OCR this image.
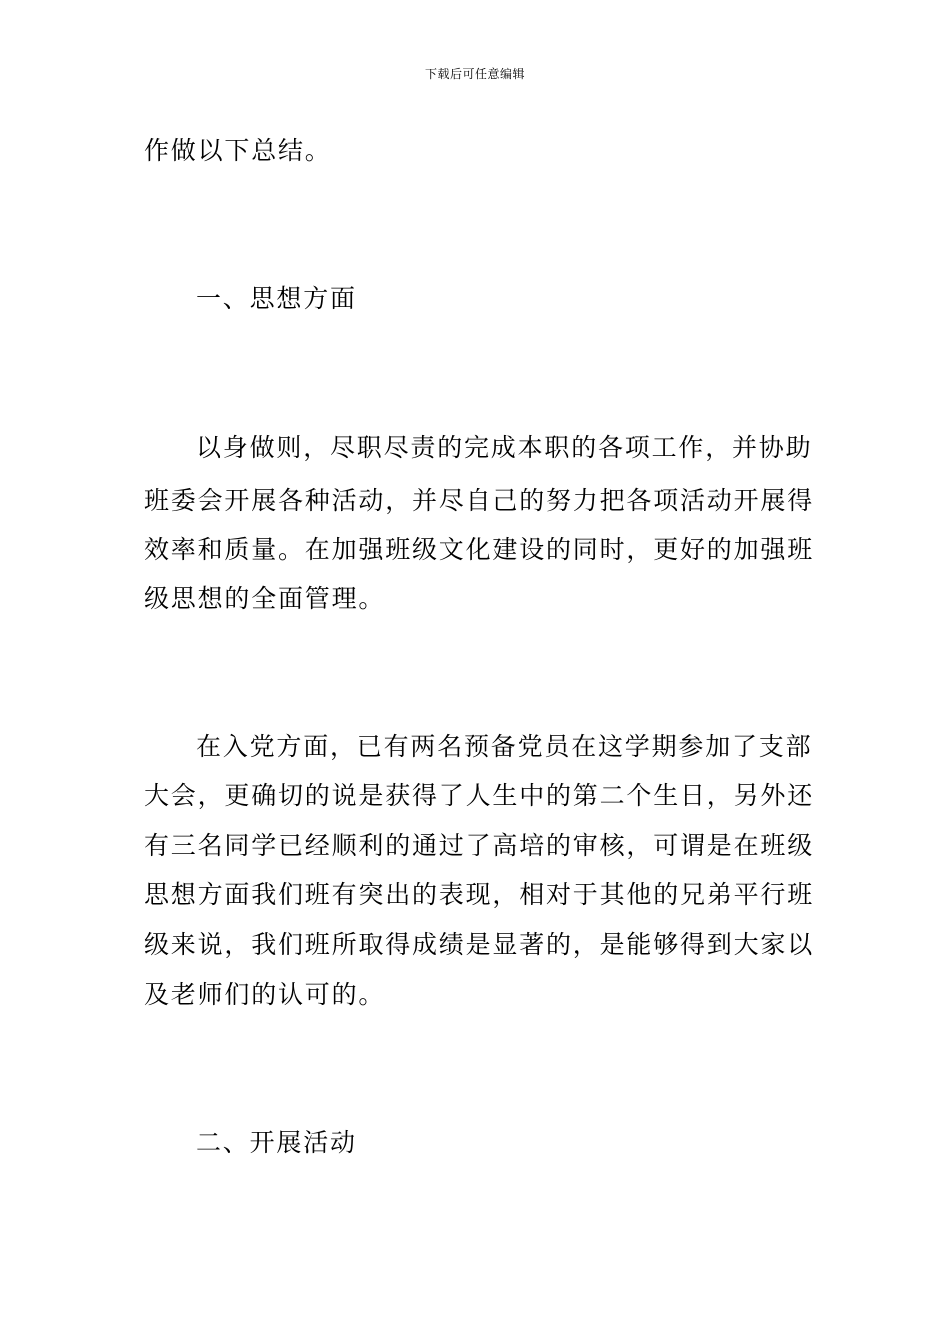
下载后可任意编辑
作做以下总结。
一、思想方面
以身做则，尽职尽责的完成本职的各项工作，并协助
班委会开展各种活动，并尽自己的努力把各项活动开展得
效率和质量。在加强班级文化建设的同时，更好的加强班
级思想的全面管理。
在入党方面，已有两名预备党员在这学期参加了支部
大会，更确切的说是获得了人生中的第二个生日，另外还
有三名同学已经顺利的通过了高培的审核，可谓是在班级
思想方面我们班有突出的表现，相对于其他的兄弟平行班
级来说，我们班所取得成绩是显著的，是能够得到大家以
及老师们的认可的。
二、开展活动
